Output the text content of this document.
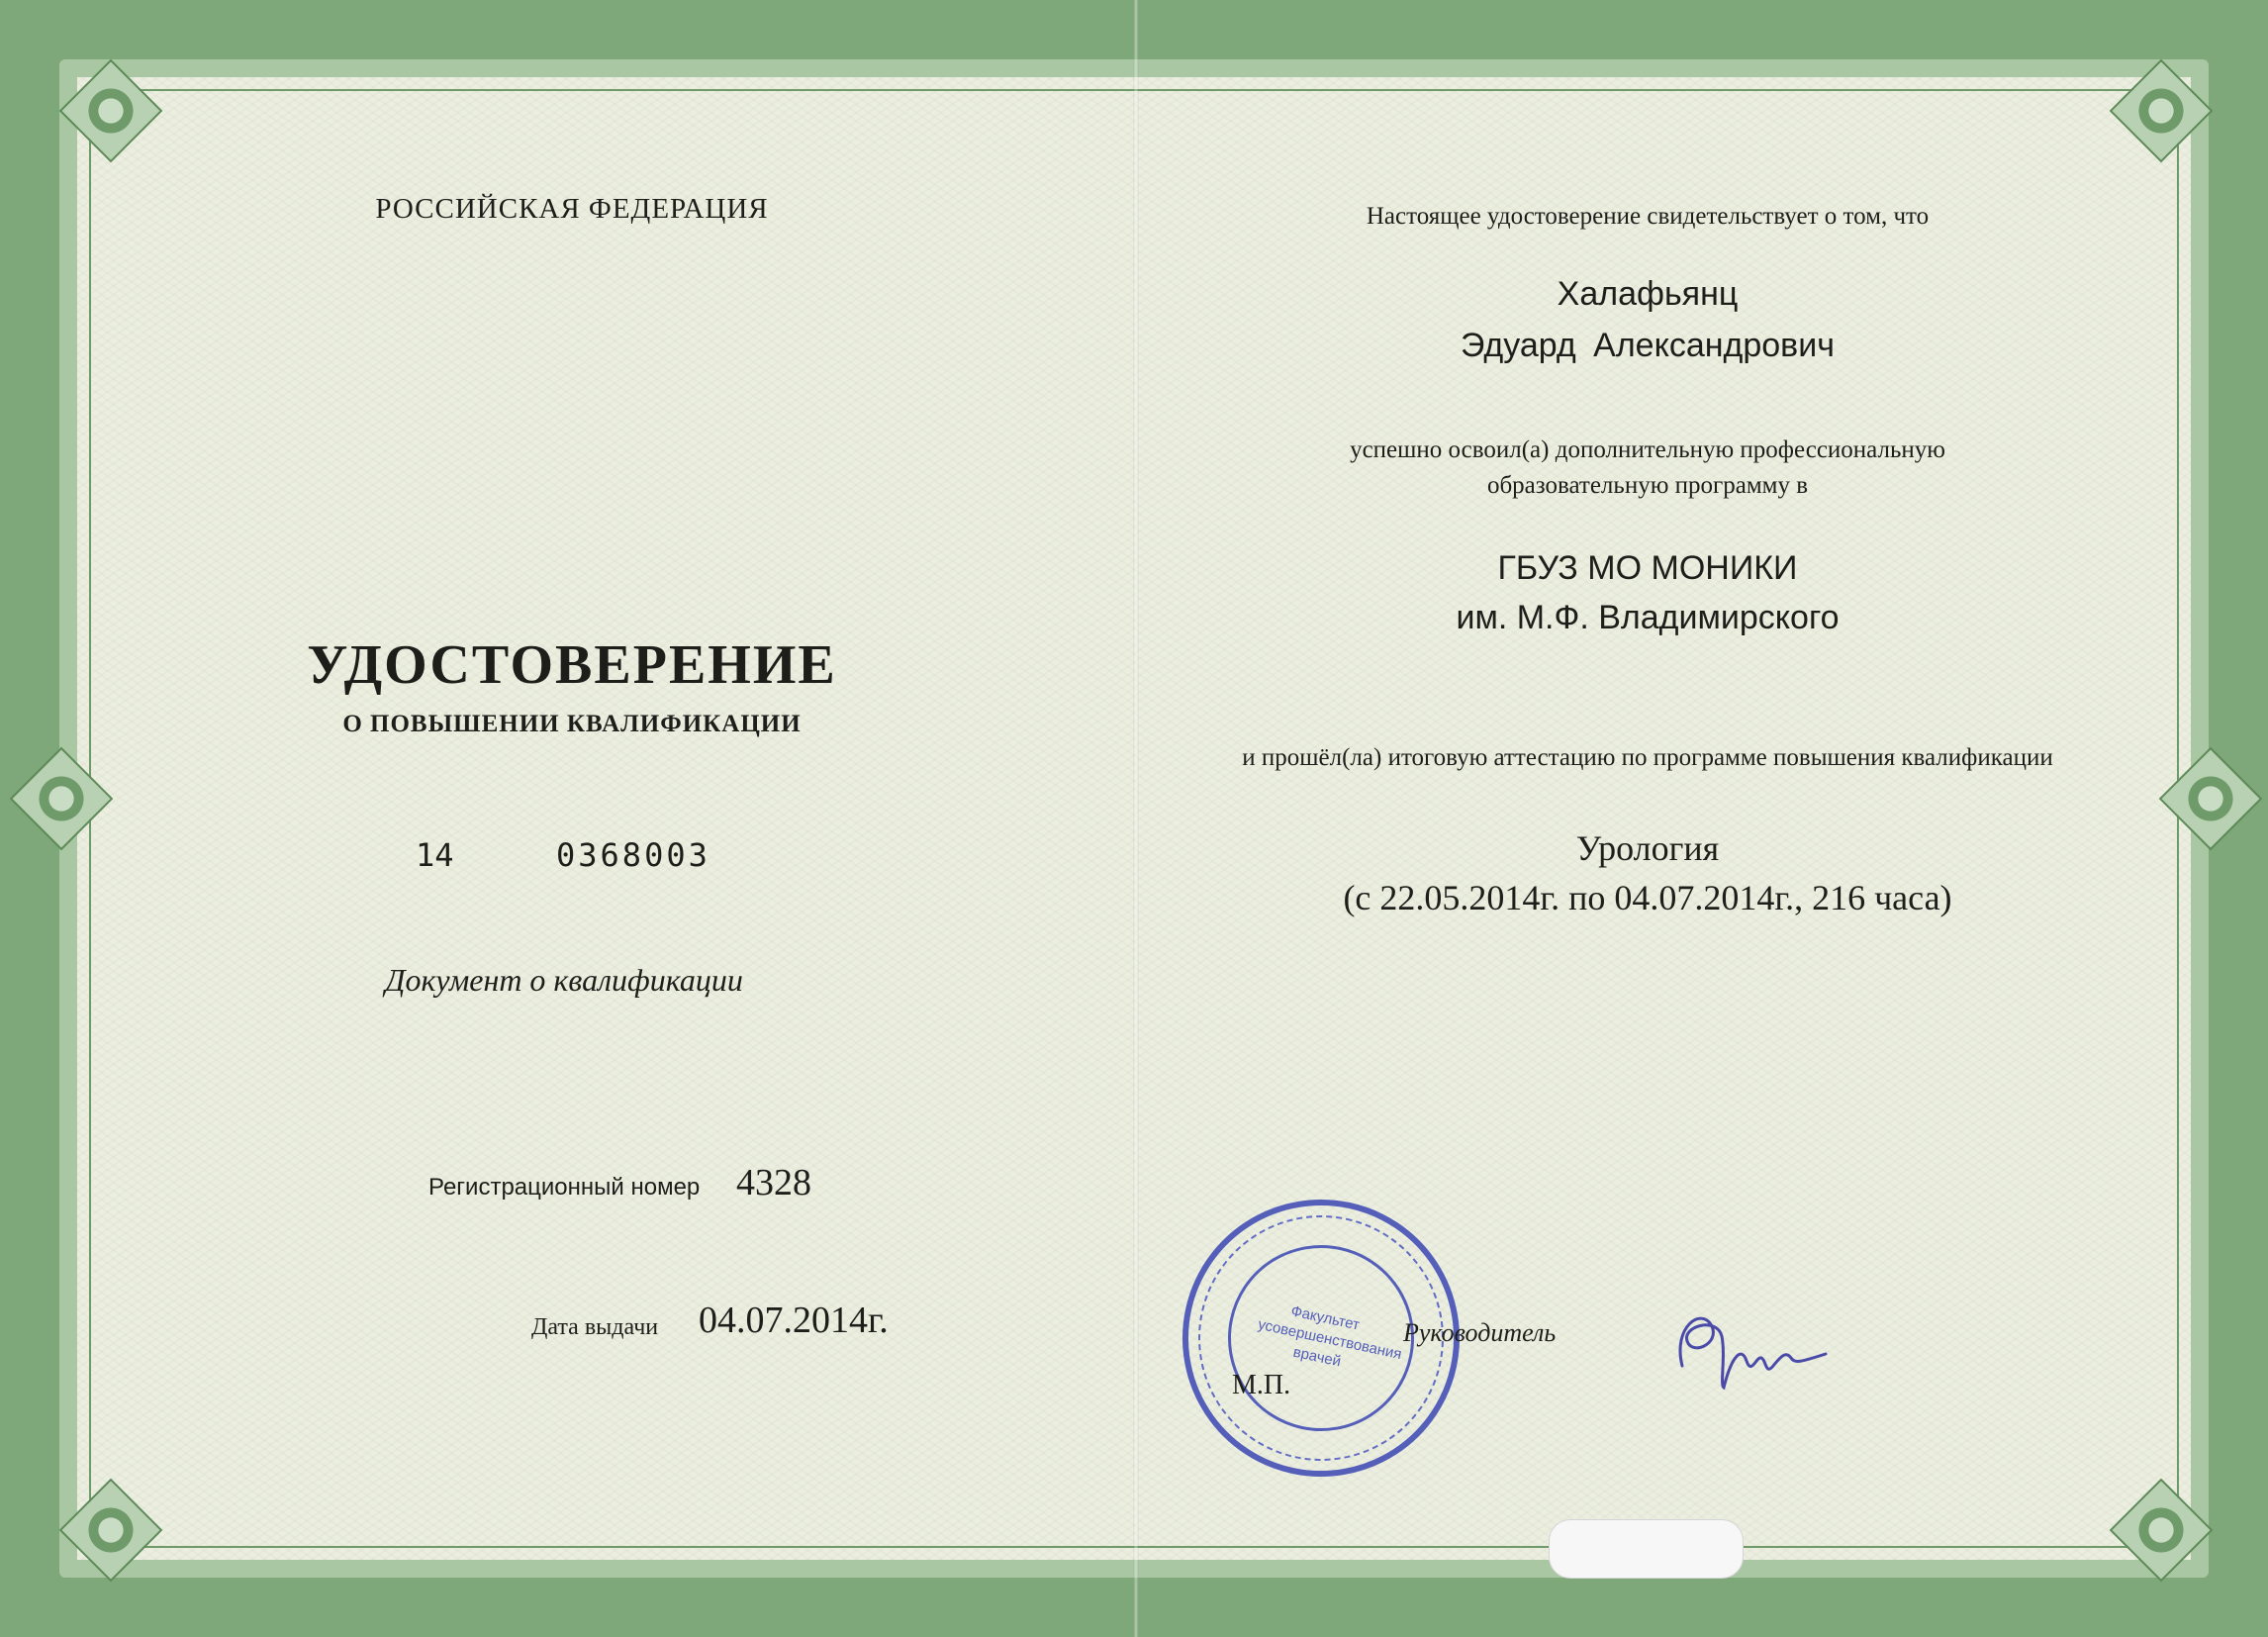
РОССИЙСКАЯ ФЕДЕРАЦИЯ
УДОСТОВЕРЕНИЕ
О ПОВЫШЕНИИ КВАЛИФИКАЦИИ
14	0368003
Документ о квалификации
Регистрационный номер 4328
Дата выдачи 04.07.2014г.
Настоящее удостоверение свидетельствует о том, что
Халафьянц
Эдуард Александрович
успешно освоил(а) дополнительную профессиональную
образовательную программу в
ГБУЗ МО МОНИКИ
им. М.Ф. Владимирского
и прошёл(ла) итоговую аттестацию по программе повышения квалификации
Урология
(с 22.05.2014г. по 04.07.2014г., 216 часа)
Факультет усовершенствования врачей
Руководитель
М.П.
